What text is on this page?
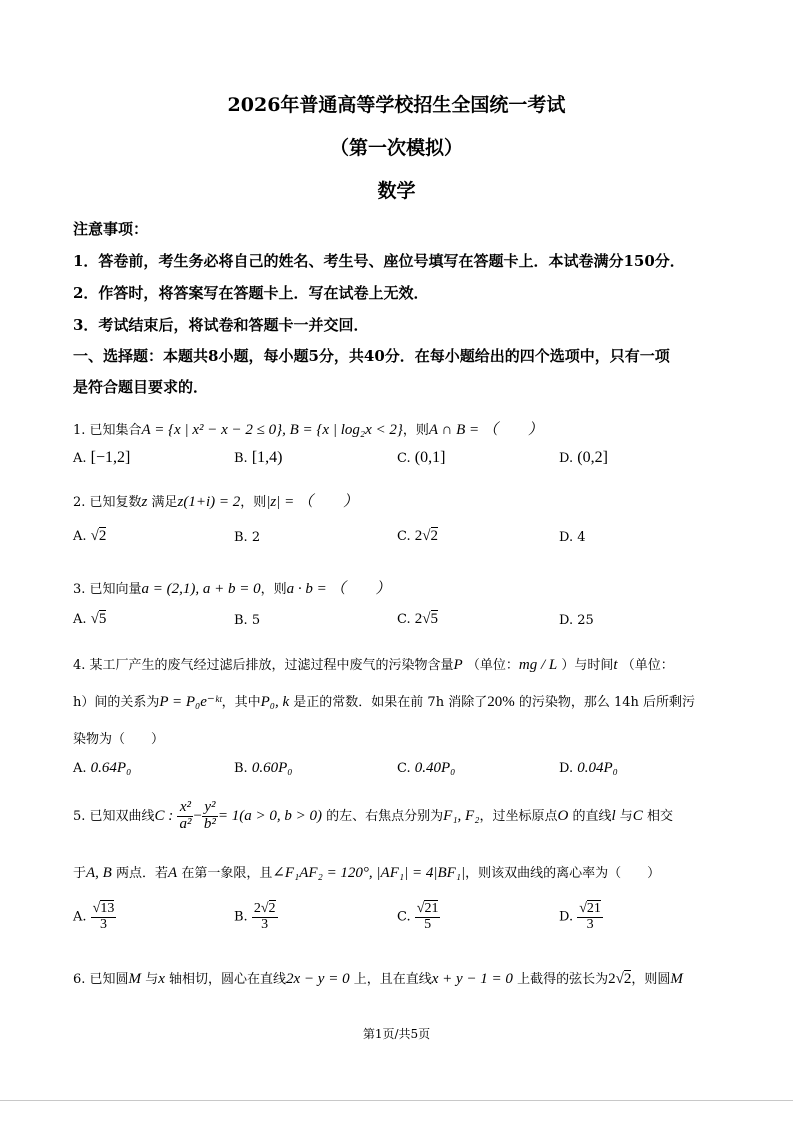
2026年普通高等学校招生全国统一考试
（第一次模拟）
数学
注意事项：
1．答卷前，考生务必将自己的姓名、考生号、座位号填写在答题卡上．本试卷满分150分．
2．作答时，将答案写在答题卡上．写在试卷上无效．
3．考试结束后，将试卷和答题卡一并交回．
一、选择题：本题共8小题，每小题5分，共40分．在每小题给出的四个选项中，只有一项
是符合题目要求的．
1. 已知集合A = {x | x² − x − 2 ≤ 0}, B = {x | log₂x < 2}，则A ∩ B = （　　）
A. [−1,2]	B. [1,4)	C. (0,1]	D. (0,2]
2. 已知复数z 满足z(1+i) = 2，则|z| = （　　）
A. √2	B. 2	C. 2√2	D. 4
3. 已知向量a = (2,1), a + b = 0，则a · b = （　　）
A. √5	B. 5	C. 2√5	D. 25
4. 某工厂产生的废气经过滤后排放，过滤过程中废气的污染物含量P （单位：mg / L ）与时间t （单位：
h）间的关系为P = P₀e⁻ᵏᵗ，其中P₀, k 是正的常数．如果在前 7h 消除了20% 的污染物，那么 14h 后所剩污
染物为（　　）
A. 0.64P₀	B. 0.60P₀	C. 0.40P₀	D. 0.04P₀
5. 已知双曲线C : $\frac{\text{x²}}{\text{a²}} - \frac{\text{y²}}{\text{b²}} = 1(a > 0$, b > 0) 的左、右焦点分别为F₁, F₂，过坐标原点O 的直线l 与C 相交
于A, B 两点．若A 在第一象限，且∠F₁AF₂ = 120°, |AF₁| = 4|BF₁|，则该双曲线的离心率为（　　）
A. $\frac{√13}{3}$	B. $\frac{2√2}{3}$	C. $\frac{√21}{5}$	D. $\frac{√21}{3}$
6. 已知圆M 与x 轴相切，圆心在直线2x − y = 0 上，且在直线x + y − 1 = 0 上截得的弦长为2√2，则圆M
第1页/共5页
